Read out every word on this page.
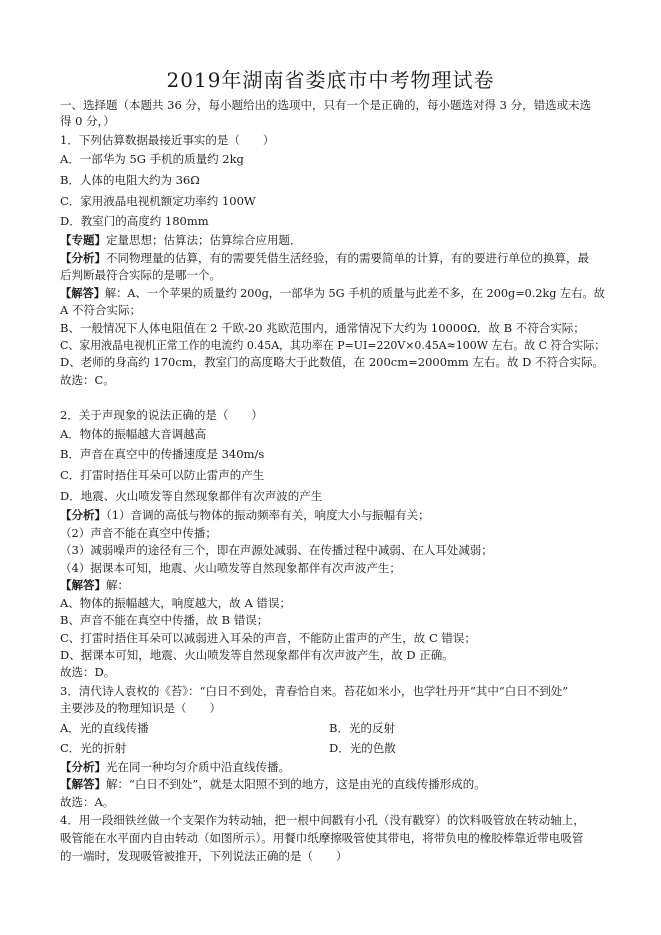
2019年湖南省娄底市中考物理试卷
一、选择题（本题共 36 分，每小题给出的选项中，只有一个是正确的，每小题选对得 3 分，错选或未选
得 0 分，）
1．下列估算数据最接近事实的是（　　）
A．一部华为 5G 手机的质量约 2kg
B．人体的电阻大约为 36Ω
C．家用液晶电视机额定功率约 100W
D．教室门的高度约 180mm
【专题】定量思想；估算法；估算综合应用题．
【分析】不同物理量的估算，有的需要凭借生活经验，有的需要简单的计算，有的要进行单位的换算，最
后判断最符合实际的是哪一个。
【解答】解：A、一个苹果的质量约 200g，一部华为 5G 手机的质量与此差不多，在 200g=0.2kg 左右。故
A 不符合实际；
B、一般情况下人体电阻值在 2 千欧-20 兆欧范围内，通常情况下大约为 10000Ω．故 B 不符合实际；
C、家用液晶电视机正常工作的电流约 0.45A，其功率在 P=UI=220V×0.45A≈100W 左右。故 C 符合实际；
D、老师的身高约 170cm，教室门的高度略大于此数值，在 200cm=2000mm 左右。故 D 不符合实际。
故选：C。
2．关于声现象的说法正确的是（　　）
A．物体的振幅越大音调越高
B．声音在真空中的传播速度是 340m/s
C．打雷时捂住耳朵可以防止雷声的产生
D．地震、火山喷发等自然现象都伴有次声波的产生
【分析】（1）音调的高低与物体的振动频率有关，响度大小与振幅有关；
（2）声音不能在真空中传播；
（3）减弱噪声的途径有三个，即在声源处减弱、在传播过程中减弱、在人耳处减弱；
（4）据课本可知，地震、火山喷发等自然现象都伴有次声波产生；
【解答】解：
A、物体的振幅越大，响度越大，故 A 错误；
B、声音不能在真空中传播，故 B 错误；
C、打雷时捂住耳朵可以减弱进入耳朵的声音，不能防止雷声的产生，故 C 错误；
D、据课本可知，地震、火山喷发等自然现象都伴有次声波产生，故 D 正确。
故选：D。
3．清代诗人袁枚的《苔》：“白日不到处，青春恰自来。苔花如米小，也学牡丹开”其中“白日不到处”
主要涉及的物理知识是（　　）
A．光的直线传播	B．光的反射
C．光的折射	D．光的色散
【分析】光在同一种均匀介质中沿直线传播。
【解答】解：“白日不到处”，就是太阳照不到的地方，这是由光的直线传播形成的。
故选：A。
4．用一段细铁丝做一个支架作为转动轴，把一根中间戳有小孔（没有戳穿）的饮料吸管放在转动轴上，
吸管能在水平面内自由转动（如图所示）。用餐巾纸摩擦吸管使其带电，将带负电的橡胶棒靠近带电吸管
的一端时，发现吸管被推开，下列说法正确的是（　　）
